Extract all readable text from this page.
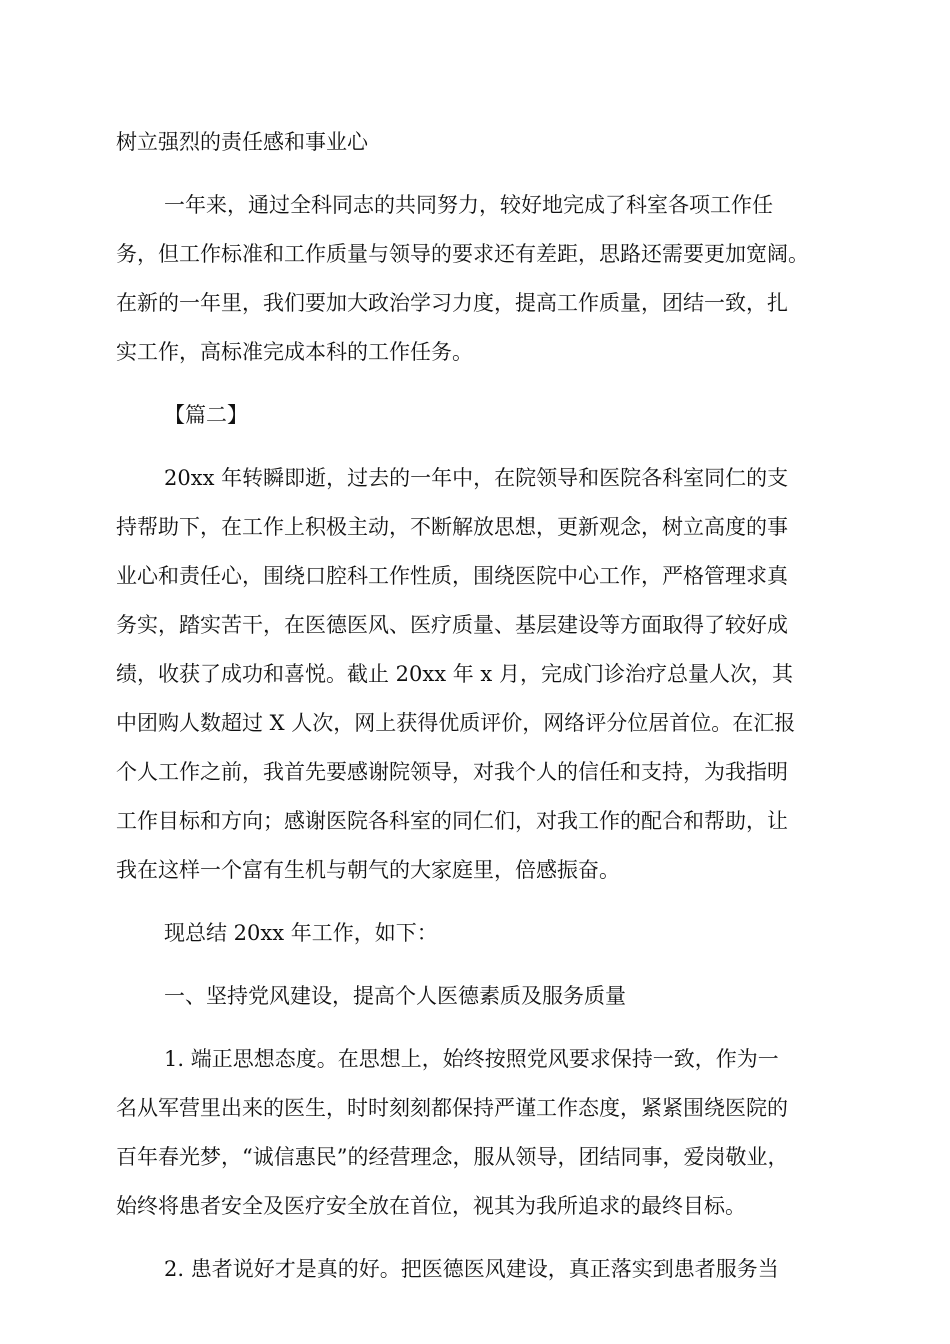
树立强烈的责任感和事业心
一年来，通过全科同志的共同努力，较好地完成了科室各项工作任
务，但工作标准和工作质量与领导的要求还有差距，思路还需要更加宽阔。
在新的一年里，我们要加大政治学习力度，提高工作质量，团结一致，扎
实工作，高标准完成本科的工作任务。
【篇二】
20xx 年转瞬即逝，过去的一年中，在院领导和医院各科室同仁的支
持帮助下，在工作上积极主动，不断解放思想，更新观念，树立高度的事
业心和责任心，围绕口腔科工作性质，围绕医院中心工作，严格管理求真
务实，踏实苦干，在医德医风、医疗质量、基层建设等方面取得了较好成
绩，收获了成功和喜悦。截止 20xx 年 x 月，完成门诊治疗总量人次，其
中团购人数超过 X 人次，网上获得优质评价，网络评分位居首位。在汇报
个人工作之前，我首先要感谢院领导，对我个人的信任和支持，为我指明
工作目标和方向；感谢医院各科室的同仁们，对我工作的配合和帮助，让
我在这样一个富有生机与朝气的大家庭里，倍感振奋。
现总结 20xx 年工作，如下：
一、坚持党风建设，提高个人医德素质及服务质量
1. 端正思想态度。在思想上，始终按照党风要求保持一致，作为一
名从军营里出来的医生，时时刻刻都保持严谨工作态度，紧紧围绕医院的
百年春光梦，“诚信惠民”的经营理念，服从领导，团结同事，爱岗敬业，
始终将患者安全及医疗安全放在首位，视其为我所追求的最终目标。
2. 患者说好才是真的好。把医德医风建设，真正落实到患者服务当
